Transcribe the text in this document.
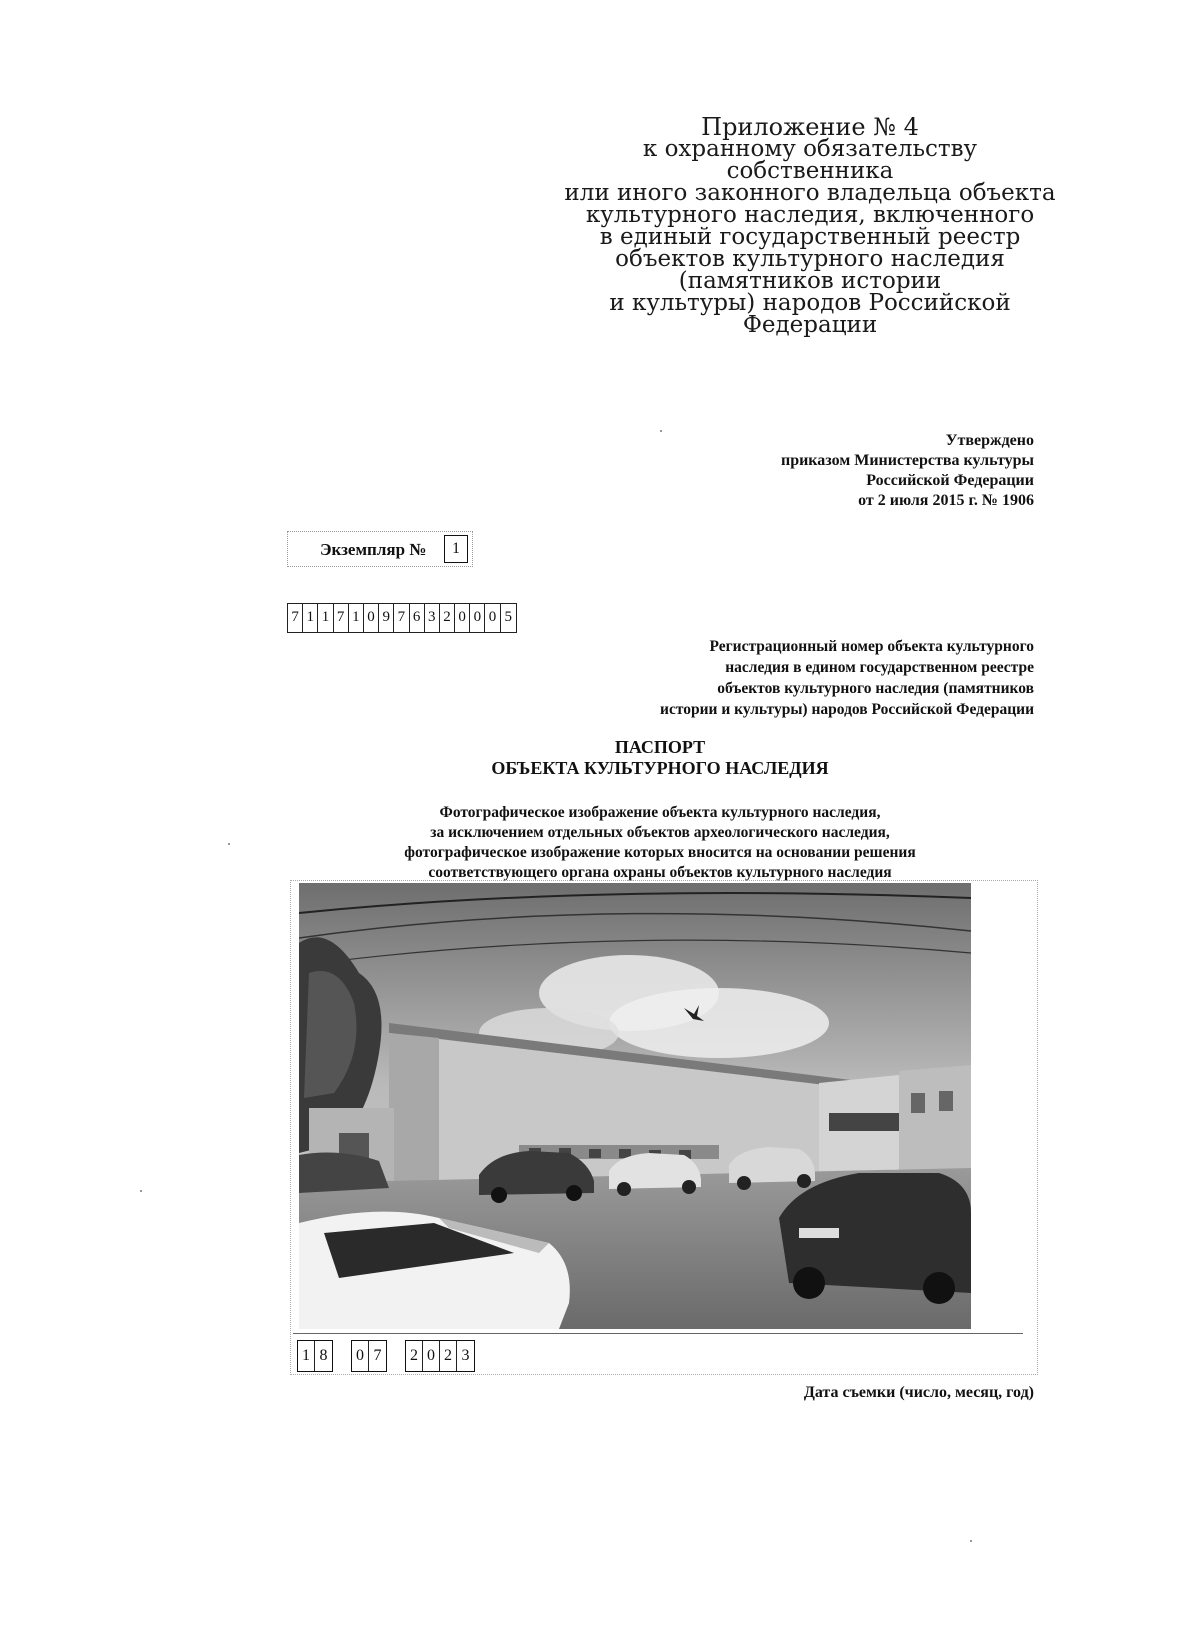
Приложение № 4
к охранному обязательству
собственника
или иного законного владельца объекта
культурного наследия, включенного
в единый государственный реестр
объектов культурного наследия
(памятников истории
и культуры) народов Российской
Федерации
Утверждено
приказом Министерства культуры
Российской Федерации
от 2 июля 2015 г. № 1906
Экземпляр №	1
7 1 1 7 1 0 9 7 6 3 2 0 0 0 5
Регистрационный номер объекта культурного
наследия в едином государственном реестре
объектов культурного наследия (памятников
истории и культуры) народов Российской Федерации
ПАСПОРТ
ОБЪЕКТА КУЛЬТУРНОГО НАСЛЕДИЯ
Фотографическое изображение объекта культурного наследия,
за исключением отдельных объектов археологического наследия,
фотографическое изображение которых вносится на основании решения
соответствующего органа охраны объектов культурного наследия
1 8 0 7 2 0 2 3
Дата съемки (число, месяц, год)
